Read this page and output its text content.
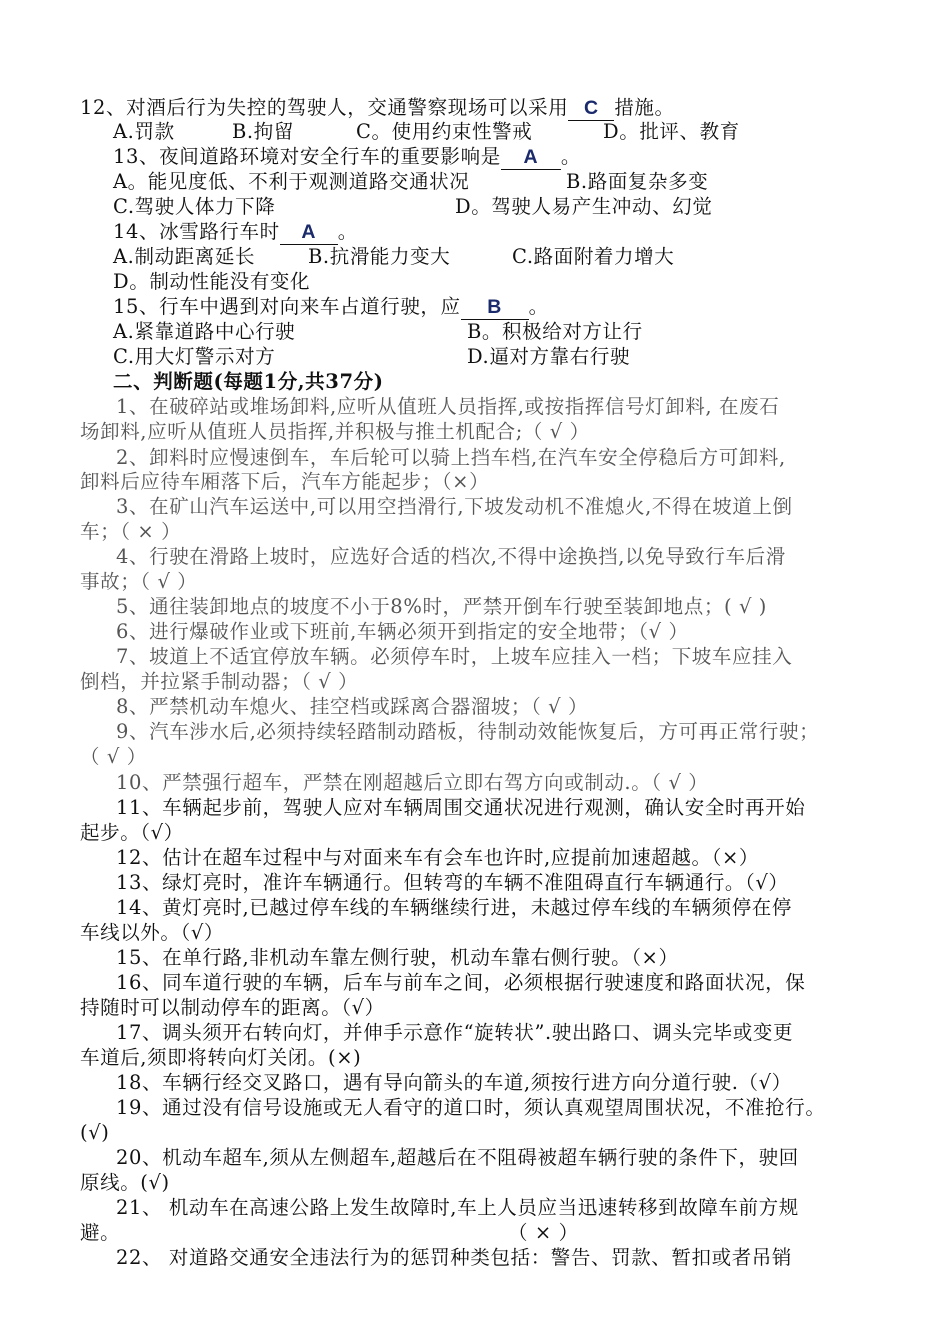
12、对酒后行为失控的驾驶人，交通警察现场可以采用 C 措施。
A.罚款	B.拘留	C。使用约束性警戒	D。批评、教育
13、夜间道路环境对安全行车的重要影响是 A 。
A。能见度低、不利于观测道路交通状况	B.路面复杂多变
C.驾驶人体力下降	D。驾驶人易产生冲动、幻觉
14、冰雪路行车时 A 。
A.制动距离延长	B.抗滑能力变大	C.路面附着力增大
D。制动性能没有变化
15、行车中遇到对向来车占道行驶，应 B 。
A.紧靠道路中心行驶	B。积极给对方让行
C.用大灯警示对方	D.逼对方靠右行驶
二、判断题(每题1分,共37分)
1、在破碎站或堆场卸料,应听从值班人员指挥,或按指挥信号灯卸料, 在废石
场卸料,应听从值班人员指挥,并积极与推土机配合;（ √ ）
2、卸料时应慢速倒车，车后轮可以骑上挡车档,在汽车安全停稳后方可卸料,
卸料后应待车厢落下后，汽车方能起步；（×）
3、在矿山汽车运送中,可以用空挡滑行,下坡发动机不准熄火,不得在坡道上倒
车；（ × ）
4、行驶在滑路上坡时，应选好合适的档次,不得中途换挡,以免导致行车后滑
事故；（ √ ）
5、通往装卸地点的坡度不小于8%时，严禁开倒车行驶至装卸地点；( √ )
6、进行爆破作业或下班前,车辆必须开到指定的安全地带；（√ ）
7、坡道上不适宜停放车辆。必须停车时，上坡车应挂入一档；下坡车应挂入
倒档，并拉紧手制动器；（ √ ）
8、严禁机动车熄火、挂空档或踩离合器溜坡；（ √ ）
9、汽车涉水后,必须持续轻踏制动踏板，待制动效能恢复后，方可再正常行驶；
（ √ ）
10、严禁强行超车，严禁在刚超越后立即右驾方向或制动.。（ √ ）
11、车辆起步前，驾驶人应对车辆周围交通状况进行观测，确认安全时再开始
起步。（√）
12、估计在超车过程中与对面来车有会车也许时,应提前加速超越。（×）
13、绿灯亮时，准许车辆通行。但转弯的车辆不准阻碍直行车辆通行。（√）
14、黄灯亮时,已越过停车线的车辆继续行进，未越过停车线的车辆须停在停
车线以外。（√）
15、在单行路,非机动车靠左侧行驶，机动车靠右侧行驶。（×）
16、同车道行驶的车辆，后车与前车之间，必须根据行驶速度和路面状况，保
持随时可以制动停车的距离。（√）
17、调头须开右转向灯，并伸手示意作“旋转状”.驶出路口、调头完毕或变更
车道后,须即将转向灯关闭。(×)
18、车辆行经交叉路口，遇有导向箭头的车道,须按行进方向分道行驶.（√）
19、通过没有信号设施或无人看守的道口时，须认真观望周围状况，不准抢行。
(√)
20、机动车超车,须从左侧超车,超越后在不阻碍被超车辆行驶的条件下，驶回
原线。(√)
21、 机动车在高速公路上发生故障时,车上人员应当迅速转移到故障车前方规
避。	（ × ）
22、 对道路交通安全违法行为的惩罚种类包括：警告、罚款、暂扣或者吊销
